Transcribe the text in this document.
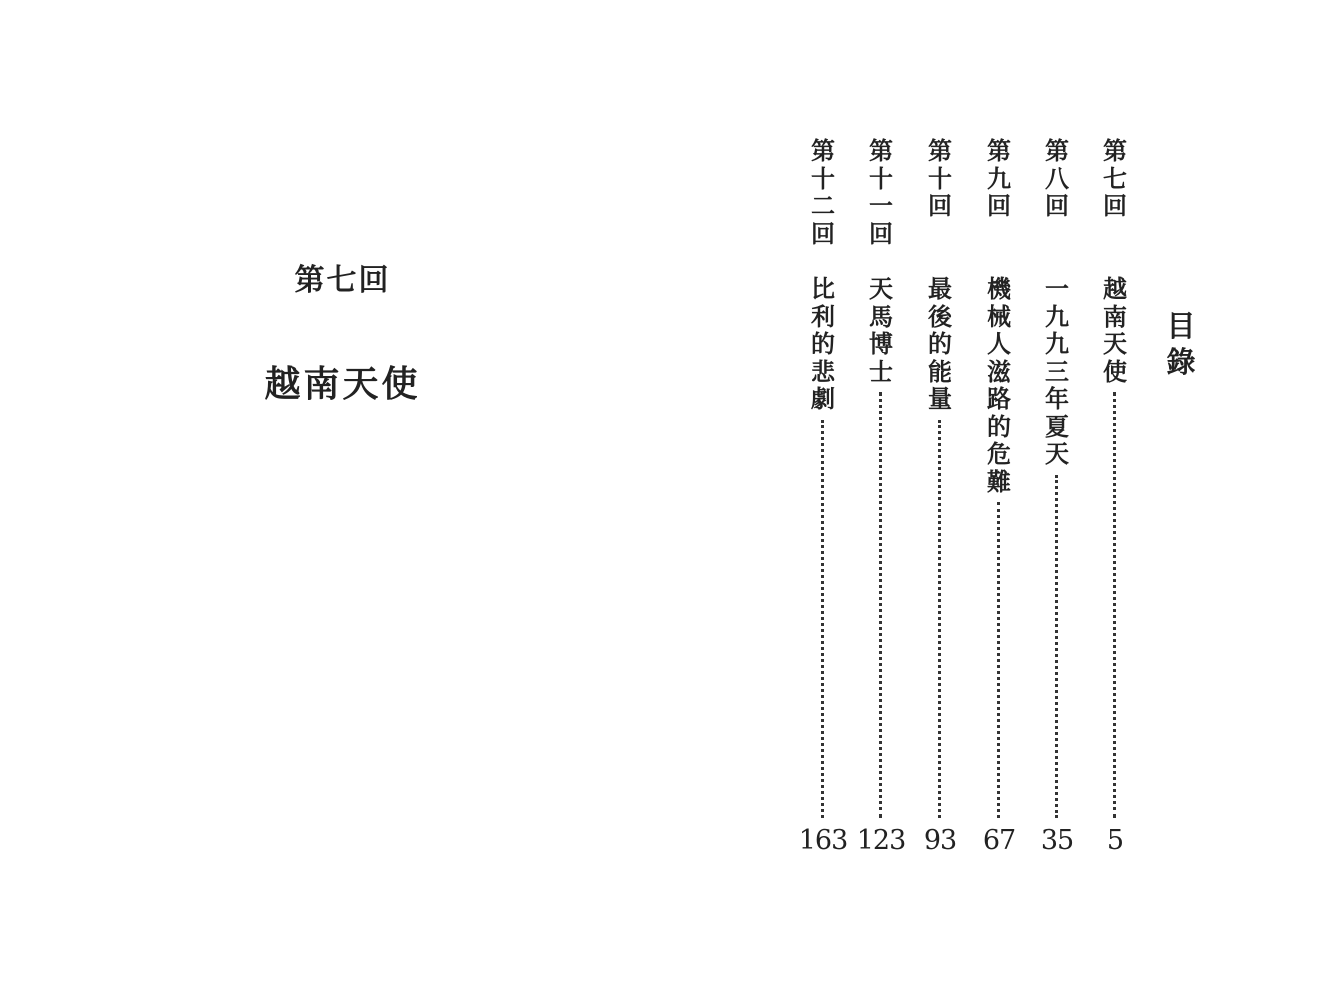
第七回
越南天使
目
錄
第
七
回
越
南
天
使
5
第
八
回
一
九
九
三
年
夏
天
35
第
九
回
機
械
人
滋
路
的
危
難
67
第
十
回
最
後
的
能
量
93
第
十
一
回
天
馬
博
士
123
第
十
二
回
比
利
的
悲
劇
163
